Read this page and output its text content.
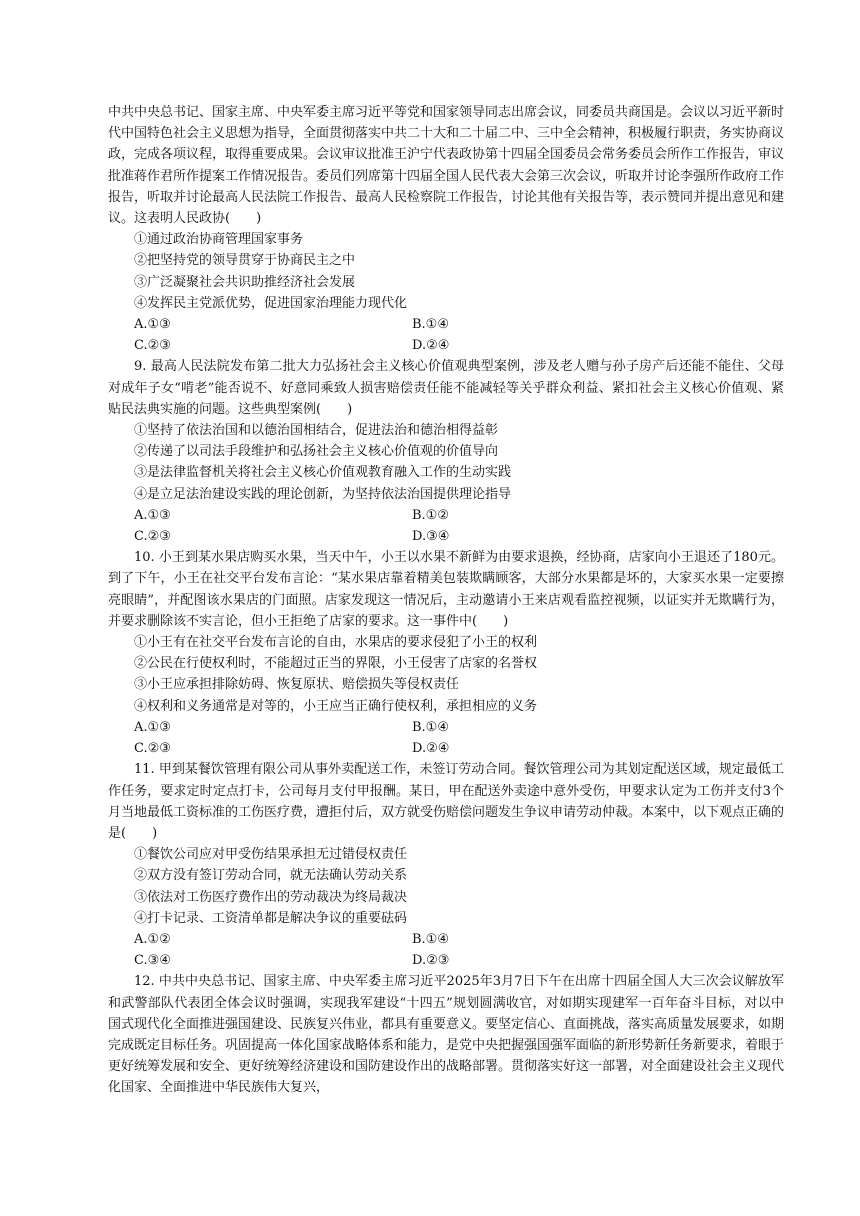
中共中央总书记、国家主席、中央军委主席习近平等党和国家领导同志出席会议，同委员共商国是。会议以习近平新时代中国特色社会主义思想为指导，全面贯彻落实中共二十大和二十届二中、三中全会精神，积极履行职责，务实协商议政，完成各项议程，取得重要成果。会议审议批准王沪宁代表政协第十四届全国委员会常务委员会所作工作报告，审议批准蒋作君所作提案工作情况报告。委员们列席第十四届全国人民代表大会第三次会议，听取并讨论李强所作政府工作报告，听取并讨论最高人民法院工作报告、最高人民检察院工作报告，讨论其他有关报告等，表示赞同并提出意见和建议。这表明人民政协(　　)

①通过政治协商管理国家事务

②把坚持党的领导贯穿于协商民主之中

③广泛凝聚社会共识助推经济社会发展

④发挥民主党派优势，促进国家治理能力现代化

A.①③	B.①④
C.②③	D.②④

9. 最高人民法院发布第二批大力弘扬社会主义核心价值观典型案例，涉及老人赠与孙子房产后还能不能住、父母对成年子女“啃老”能否说不、好意同乘致人损害赔偿责任能不能减轻等关乎群众利益、紧扣社会主义核心价值观、紧贴民法典实施的问题。这些典型案例(　　)

①坚持了依法治国和以德治国相结合，促进法治和德治相得益彰

②传递了以司法手段维护和弘扬社会主义核心价值观的价值导向

③是法律监督机关将社会主义核心价值观教育融入工作的生动实践

④是立足法治建设实践的理论创新，为坚持依法治国提供理论指导

A.①③	B.①②
C.②③	D.③④

10. 小王到某水果店购买水果，当天中午，小王以水果不新鲜为由要求退换，经协商，店家向小王退还了180元。到了下午，小王在社交平台发布言论：“某水果店靠着精美包装欺瞒顾客，大部分水果都是坏的，大家买水果一定要擦亮眼睛”，并配图该水果店的门面照。店家发现这一情况后，主动邀请小王来店观看监控视频，以证实并无欺瞒行为，并要求删除该不实言论，但小王拒绝了店家的要求。这一事件中(　　)

①小王有在社交平台发布言论的自由，水果店的要求侵犯了小王的权利

②公民在行使权利时，不能超过正当的界限，小王侵害了店家的名誉权

③小王应承担排除妨碍、恢复原状、赔偿损失等侵权责任

④权利和义务通常是对等的，小王应当正确行使权利，承担相应的义务

A.①③	B.①④
C.②③	D.②④

11. 甲到某餐饮管理有限公司从事外卖配送工作，未签订劳动合同。餐饮管理公司为其划定配送区域，规定最低工作任务，要求定时定点打卡，公司每月支付甲报酬。某日，甲在配送外卖途中意外受伤，甲要求认定为工伤并支付3个月当地最低工资标准的工伤医疗费，遭拒付后，双方就受伤赔偿问题发生争议申请劳动仲裁。本案中，以下观点正确的是(　　)

①餐饮公司应对甲受伤结果承担无过错侵权责任

②双方没有签订劳动合同，就无法确认劳动关系

③依法对工伤医疗费作出的劳动裁决为终局裁决

④打卡记录、工资清单都是解决争议的重要砝码

A.①②	B.①④
C.③④	D.②③

12. 中共中央总书记、国家主席、中央军委主席习近平2025年3月7日下午在出席十四届全国人大三次会议解放军和武警部队代表团全体会议时强调，实现我军建设“十四五”规划圆满收官，对如期实现建军一百年奋斗目标，对以中国式现代化全面推进强国建设、民族复兴伟业，都具有重要意义。要坚定信心、直面挑战，落实高质量发展要求，如期完成既定目标任务。巩固提高一体化国家战略体系和能力，是党中央把握强国强军面临的新形势新任务新要求，着眼于更好统筹发展和安全、更好统筹经济建设和国防建设作出的战略部署。贯彻落实好这一部署，对全面建设社会主义现代化国家、全面推进中华民族伟大复兴，
